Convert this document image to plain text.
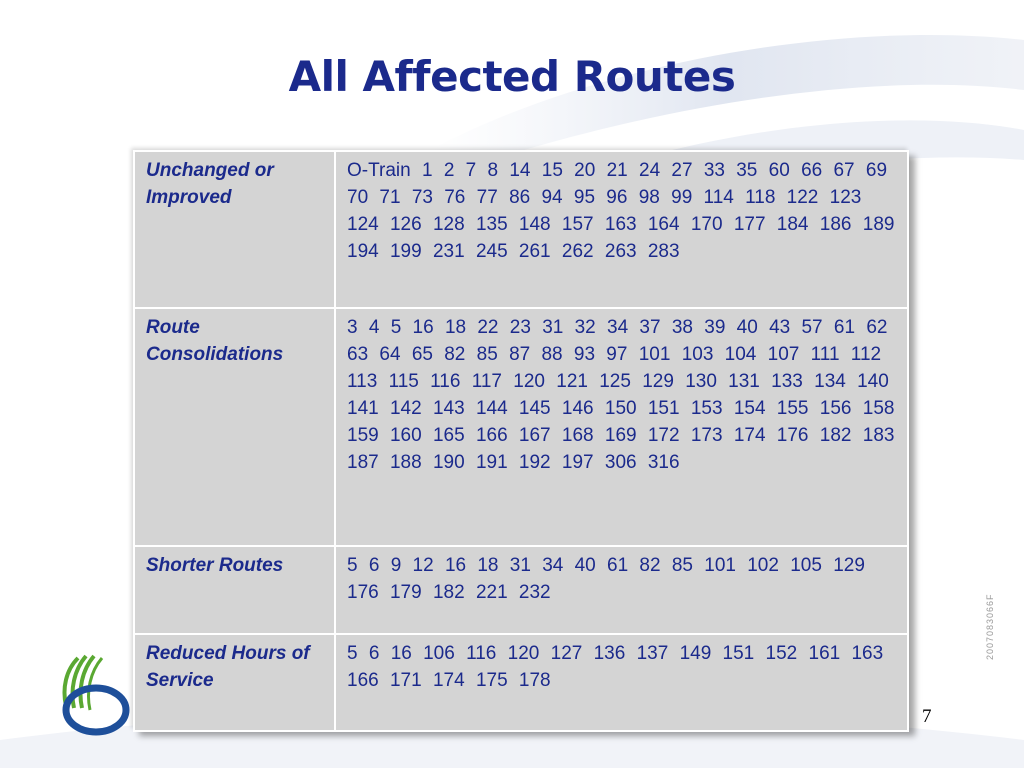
All Affected Routes
Unchanged or Improved	O-Train 1 2 7 8 14 15 20 21 24 27 33 35 60 66 67 69 70 71 73 76 77 86 94 95 96 98 99 114 118 122 123 124 126 128 135 148 157 163 164 170 177 184 186 189 194 199 231 245 261 262 263 283
Route Consolidations	3 4 5 16 18 22 23 31 32 34 37 38 39 40 43 57 61 62 63 64 65 82 85 87 88 93 97 101 103 104 107 111 112 113 115 116 117 120 121 125 129 130 131 133 134 140 141 142 143 144 145 146 150 151 153 154 155 156 158 159 160 165 166 167 168 169 172 173 174 176 182 183 187 188 190 191 192 197 306 316
Shorter Routes	5 6 9 12 16 18 31 34 40 61 82 85 101 102 105 129 176 179 182 221 232
Reduced Hours of Service	5 6 16 106 116 120 127 136 137 149 151 152 161 163 166 171 174 175 178
7
2007083066F
